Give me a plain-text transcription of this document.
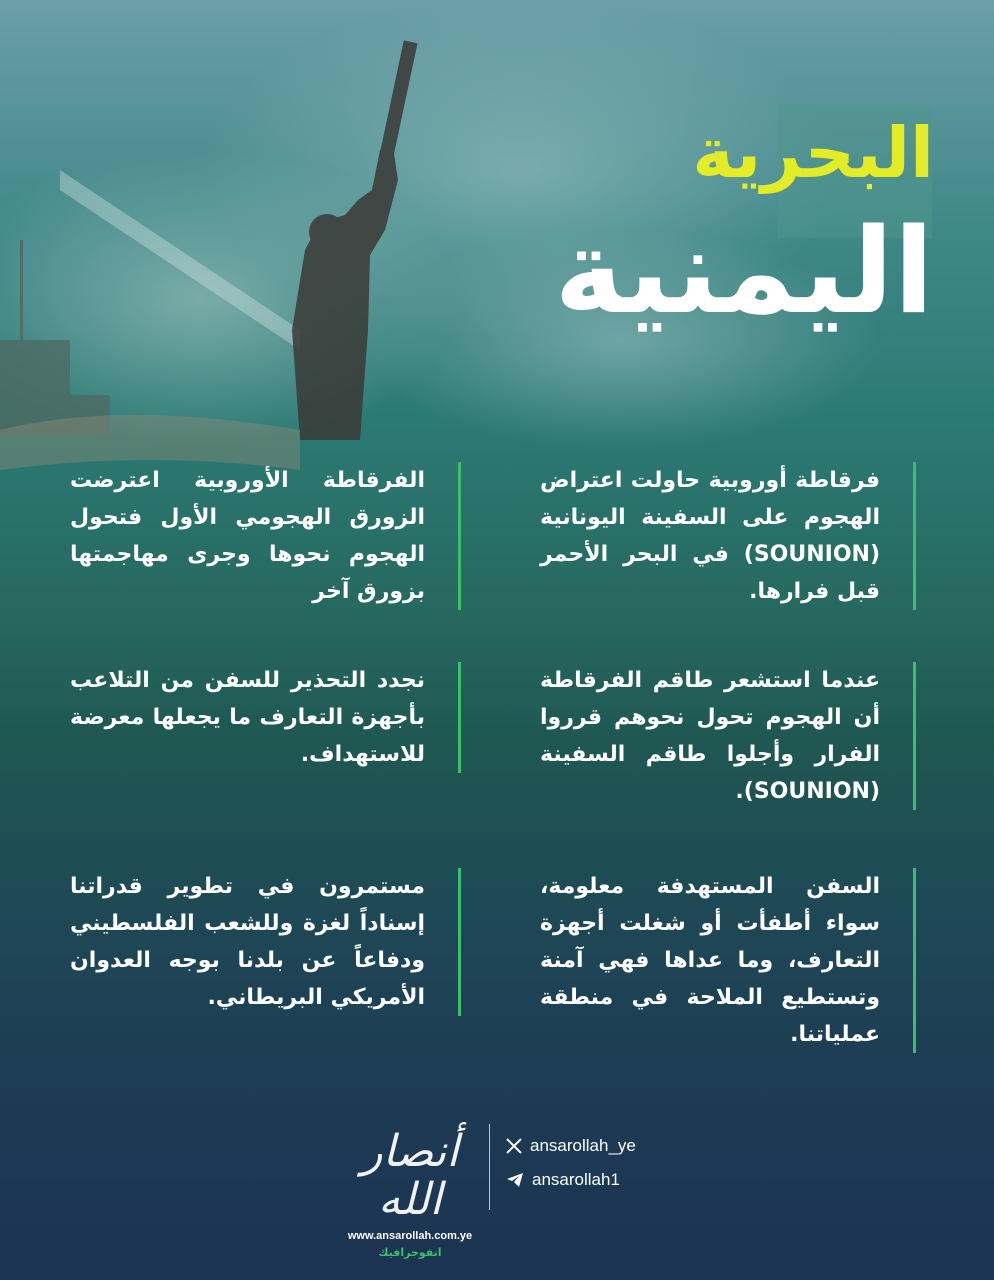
البحرية
اليمنية

فرقاطة أوروبية حاولت اعتراض الهجوم على السفينة اليونانية (SOUNION) في البحر الأحمر قبل فرارها.

عندما استشعر طاقم الفرقاطة أن الهجوم تحول نحوهم قرروا الفرار وأجلوا طاقم السفينة (SOUNION).

السفن المستهدفة معلومة، سواء أطفأت أو شغلت أجهزة التعارف، وما عداها فهي آمنة وتستطيع الملاحة في منطقة عملياتنا.

الفرقاطة الأوروبية اعترضت الزورق الهجومي الأول فتحول الهجوم نحوها وجرى مهاجمتها بزورق آخر

نجدد التحذير للسفن من التلاعب بأجهزة التعارف ما يجعلها معرضة للاستهداف.

مستمرون في تطوير قدراتنا إسناداً لغزة وللشعب الفلسطيني ودفاعاً عن بلدنا بوجه العدوان الأمريكي البريطاني.

أنصار الله
www.ansarollah.com.ye
انفوجرافيك
ansarollah_ye
ansarollah1
